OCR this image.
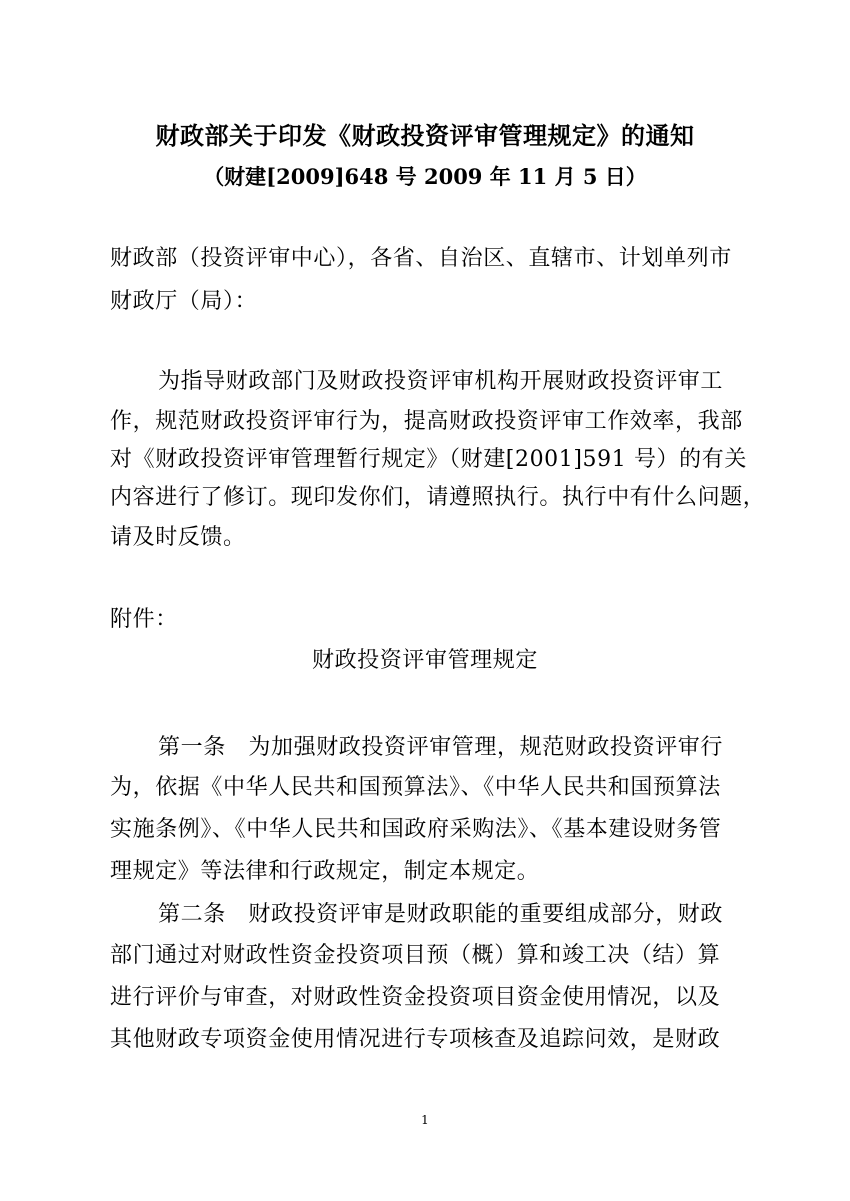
财政部关于印发《财政投资评审管理规定》的通知
（财建[2009]648 号 2009 年 11 月 5 日）
财政部（投资评审中心），各省、自治区、直辖市、计划单列市
财政厅（局）：
为指导财政部门及财政投资评审机构开展财政投资评审工
作，规范财政投资评审行为，提高财政投资评审工作效率，我部
对《财政投资评审管理暂行规定》（财建[2001]591 号）的有关
内容进行了修订。现印发你们，请遵照执行。执行中有什么问题，
请及时反馈。
附件：
财政投资评审管理规定
第一条　为加强财政投资评审管理，规范财政投资评审行
为，依据《中华人民共和国预算法》、《中华人民共和国预算法
实施条例》、《中华人民共和国政府采购法》、《基本建设财务管
理规定》等法律和行政规定，制定本规定。
第二条　财政投资评审是财政职能的重要组成部分，财政
部门通过对财政性资金投资项目预（概）算和竣工决（结）算
进行评价与审查，对财政性资金投资项目资金使用情况，以及
其他财政专项资金使用情况进行专项核查及追踪问效，是财政
1
